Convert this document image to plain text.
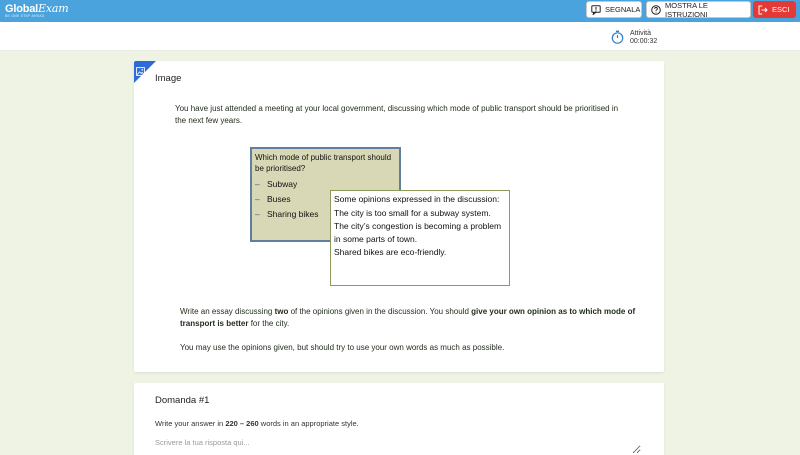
GlobalExam
BE ONE STEP AHEAD
SEGNALA	MOSTRA LE ISTRUZIONI	ESCI
Attività
00:00:32
Image
You have just attended a meeting at your local government, discussing which mode of public transport should be prioritised in the next few years.
Which mode of public transport should be prioritised?
– Subway
– Buses
– Sharing bikes

Some opinions expressed in the discussion:

The city is too small for a subway system.

The city’s congestion is becoming a problem in some parts of town.

Shared bikes are eco-friendly.

Write an essay discussing two of the opinions given in the discussion. You should give your own opinion as to which mode of transport is better for the city.
You may use the opinions given, but should try to use your own words as much as possible.
Domanda #1
Write your answer in 220 – 260 words in an appropriate style.
Scrivere la tua risposta qui...
